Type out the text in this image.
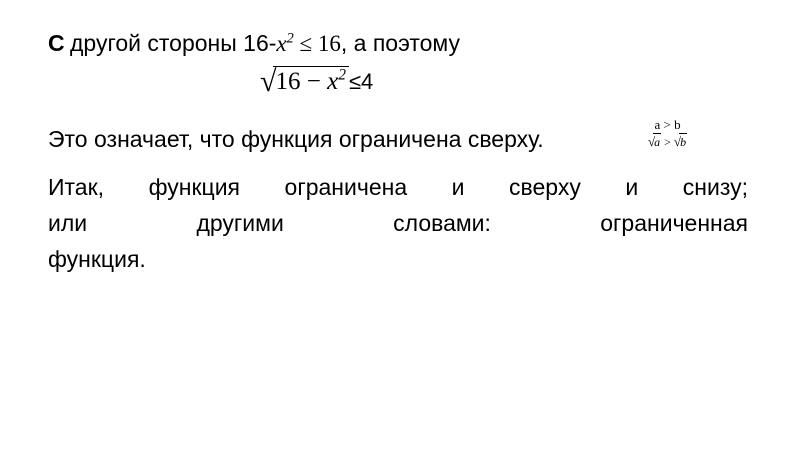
С другой стороны $16-x^2 \le 16$, а поэтому
$√16 - x^2 \le 4$
a > b
√a > √b
Это означает, что функция ограничена сверху.
Итак, функция ограничена и сверху и снизу;
или	другими	словами:	ограниченная
функция.
